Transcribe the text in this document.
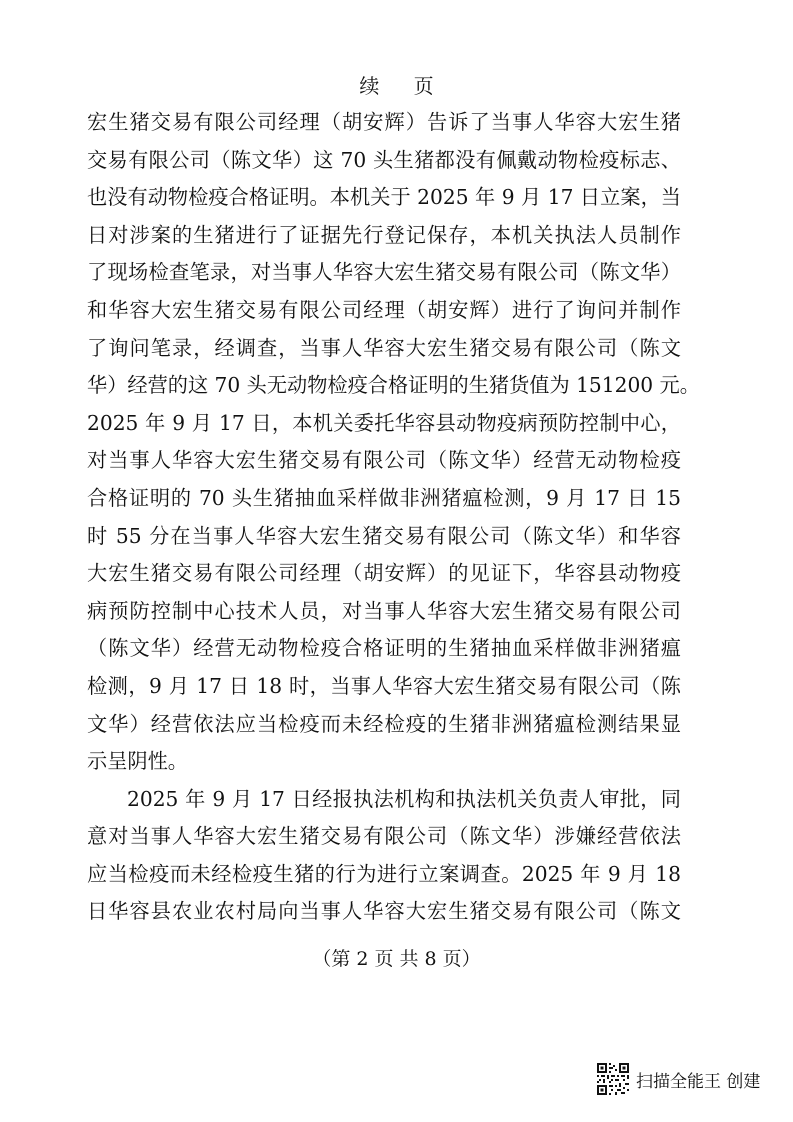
续 页
宏生猪交易有限公司经理（胡安辉）告诉了当事人华容大宏生猪
交易有限公司（陈文华）这 70 头生猪都没有佩戴动物检疫标志、
也没有动物检疫合格证明。本机关于 2025 年 9 月 17 日立案，当
日对涉案的生猪进行了证据先行登记保存，本机关执法人员制作
了现场检查笔录，对当事人华容大宏生猪交易有限公司（陈文华）
和华容大宏生猪交易有限公司经理（胡安辉）进行了询问并制作
了询问笔录，经调查，当事人华容大宏生猪交易有限公司（陈文
华）经营的这 70 头无动物检疫合格证明的生猪货值为 151200 元。
2025 年 9 月 17 日，本机关委托华容县动物疫病预防控制中心，
对当事人华容大宏生猪交易有限公司（陈文华）经营无动物检疫
合格证明的 70 头生猪抽血采样做非洲猪瘟检测，9 月 17 日 15
时 55 分在当事人华容大宏生猪交易有限公司（陈文华）和华容
大宏生猪交易有限公司经理（胡安辉）的见证下，华容县动物疫
病预防控制中心技术人员，对当事人华容大宏生猪交易有限公司
（陈文华）经营无动物检疫合格证明的生猪抽血采样做非洲猪瘟
检测，9 月 17 日 18 时，当事人华容大宏生猪交易有限公司（陈
文华）经营依法应当检疫而未经检疫的生猪非洲猪瘟检测结果显
示呈阴性。
2025 年 9 月 17 日经报执法机构和执法机关负责人审批，同
意对当事人华容大宏生猪交易有限公司（陈文华）涉嫌经营依法
应当检疫而未经检疫生猪的行为进行立案调查。2025 年 9 月 18
日华容县农业农村局向当事人华容大宏生猪交易有限公司（陈文
（第 2 页 共 8 页）
扫描全能王 创建
